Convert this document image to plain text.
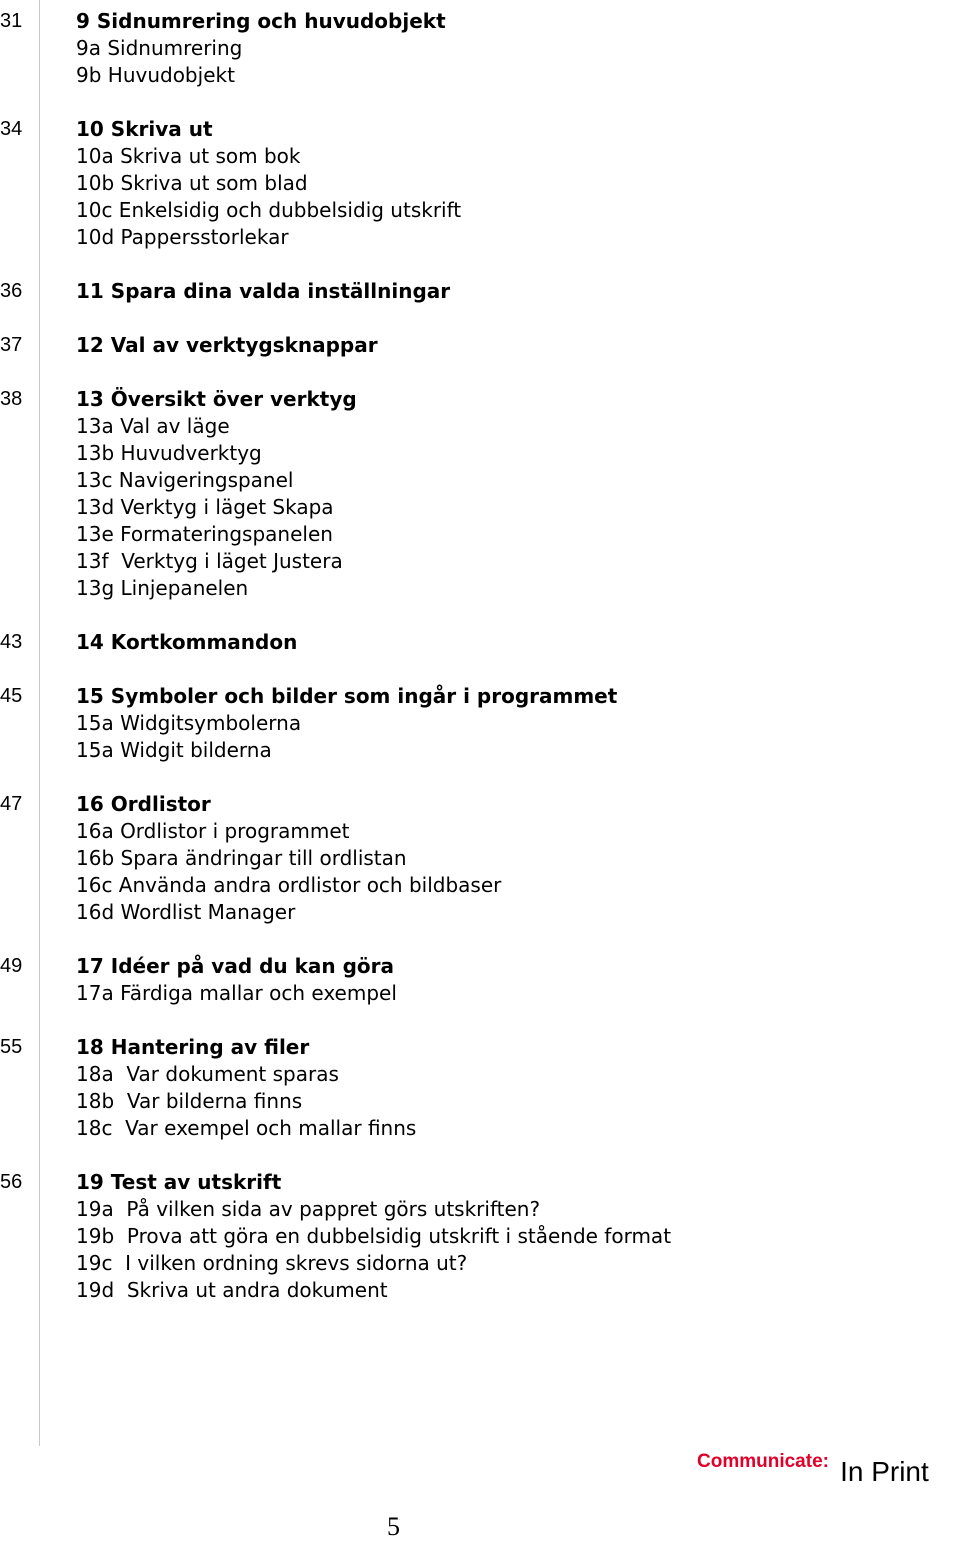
31	9 Sidnumrering och huvudobjekt
9a Sidnumrering
9b Huvudobjekt
34	10 Skriva ut
10a Skriva ut som bok
10b Skriva ut som blad
10c Enkelsidig och dubbelsidig utskrift
10d Pappersstorlekar
36	11 Spara dina valda inställningar
37	12 Val av verktygsknappar
38	13 Översikt över verktyg
13a Val av läge
13b Huvudverktyg
13c Navigeringspanel
13d Verktyg i läget Skapa
13e Formateringspanelen
13f  Verktyg i läget Justera
13g Linjepanelen
43	14 Kortkommandon
45	15 Symboler och bilder som ingår i programmet
15a Widgitsymbolerna
15a Widgit bilderna
47	16 Ordlistor
16a Ordlistor i programmet
16b Spara ändringar till ordlistan
16c Använda andra ordlistor och bildbaser
16d Wordlist Manager
49	17 Idéer på vad du kan göra
17a Färdiga mallar och exempel
55	18 Hantering av filer
18a  Var dokument sparas
18b  Var bilderna finns
18c  Var exempel och mallar finns
56	19 Test av utskrift
19a  På vilken sida av pappret görs utskriften?
19b  Prova att göra en dubbelsidig utskrift i stående format
19c  I vilken ordning skrevs sidorna ut?
19d  Skriva ut andra dokument
Communicate: In Print
5
